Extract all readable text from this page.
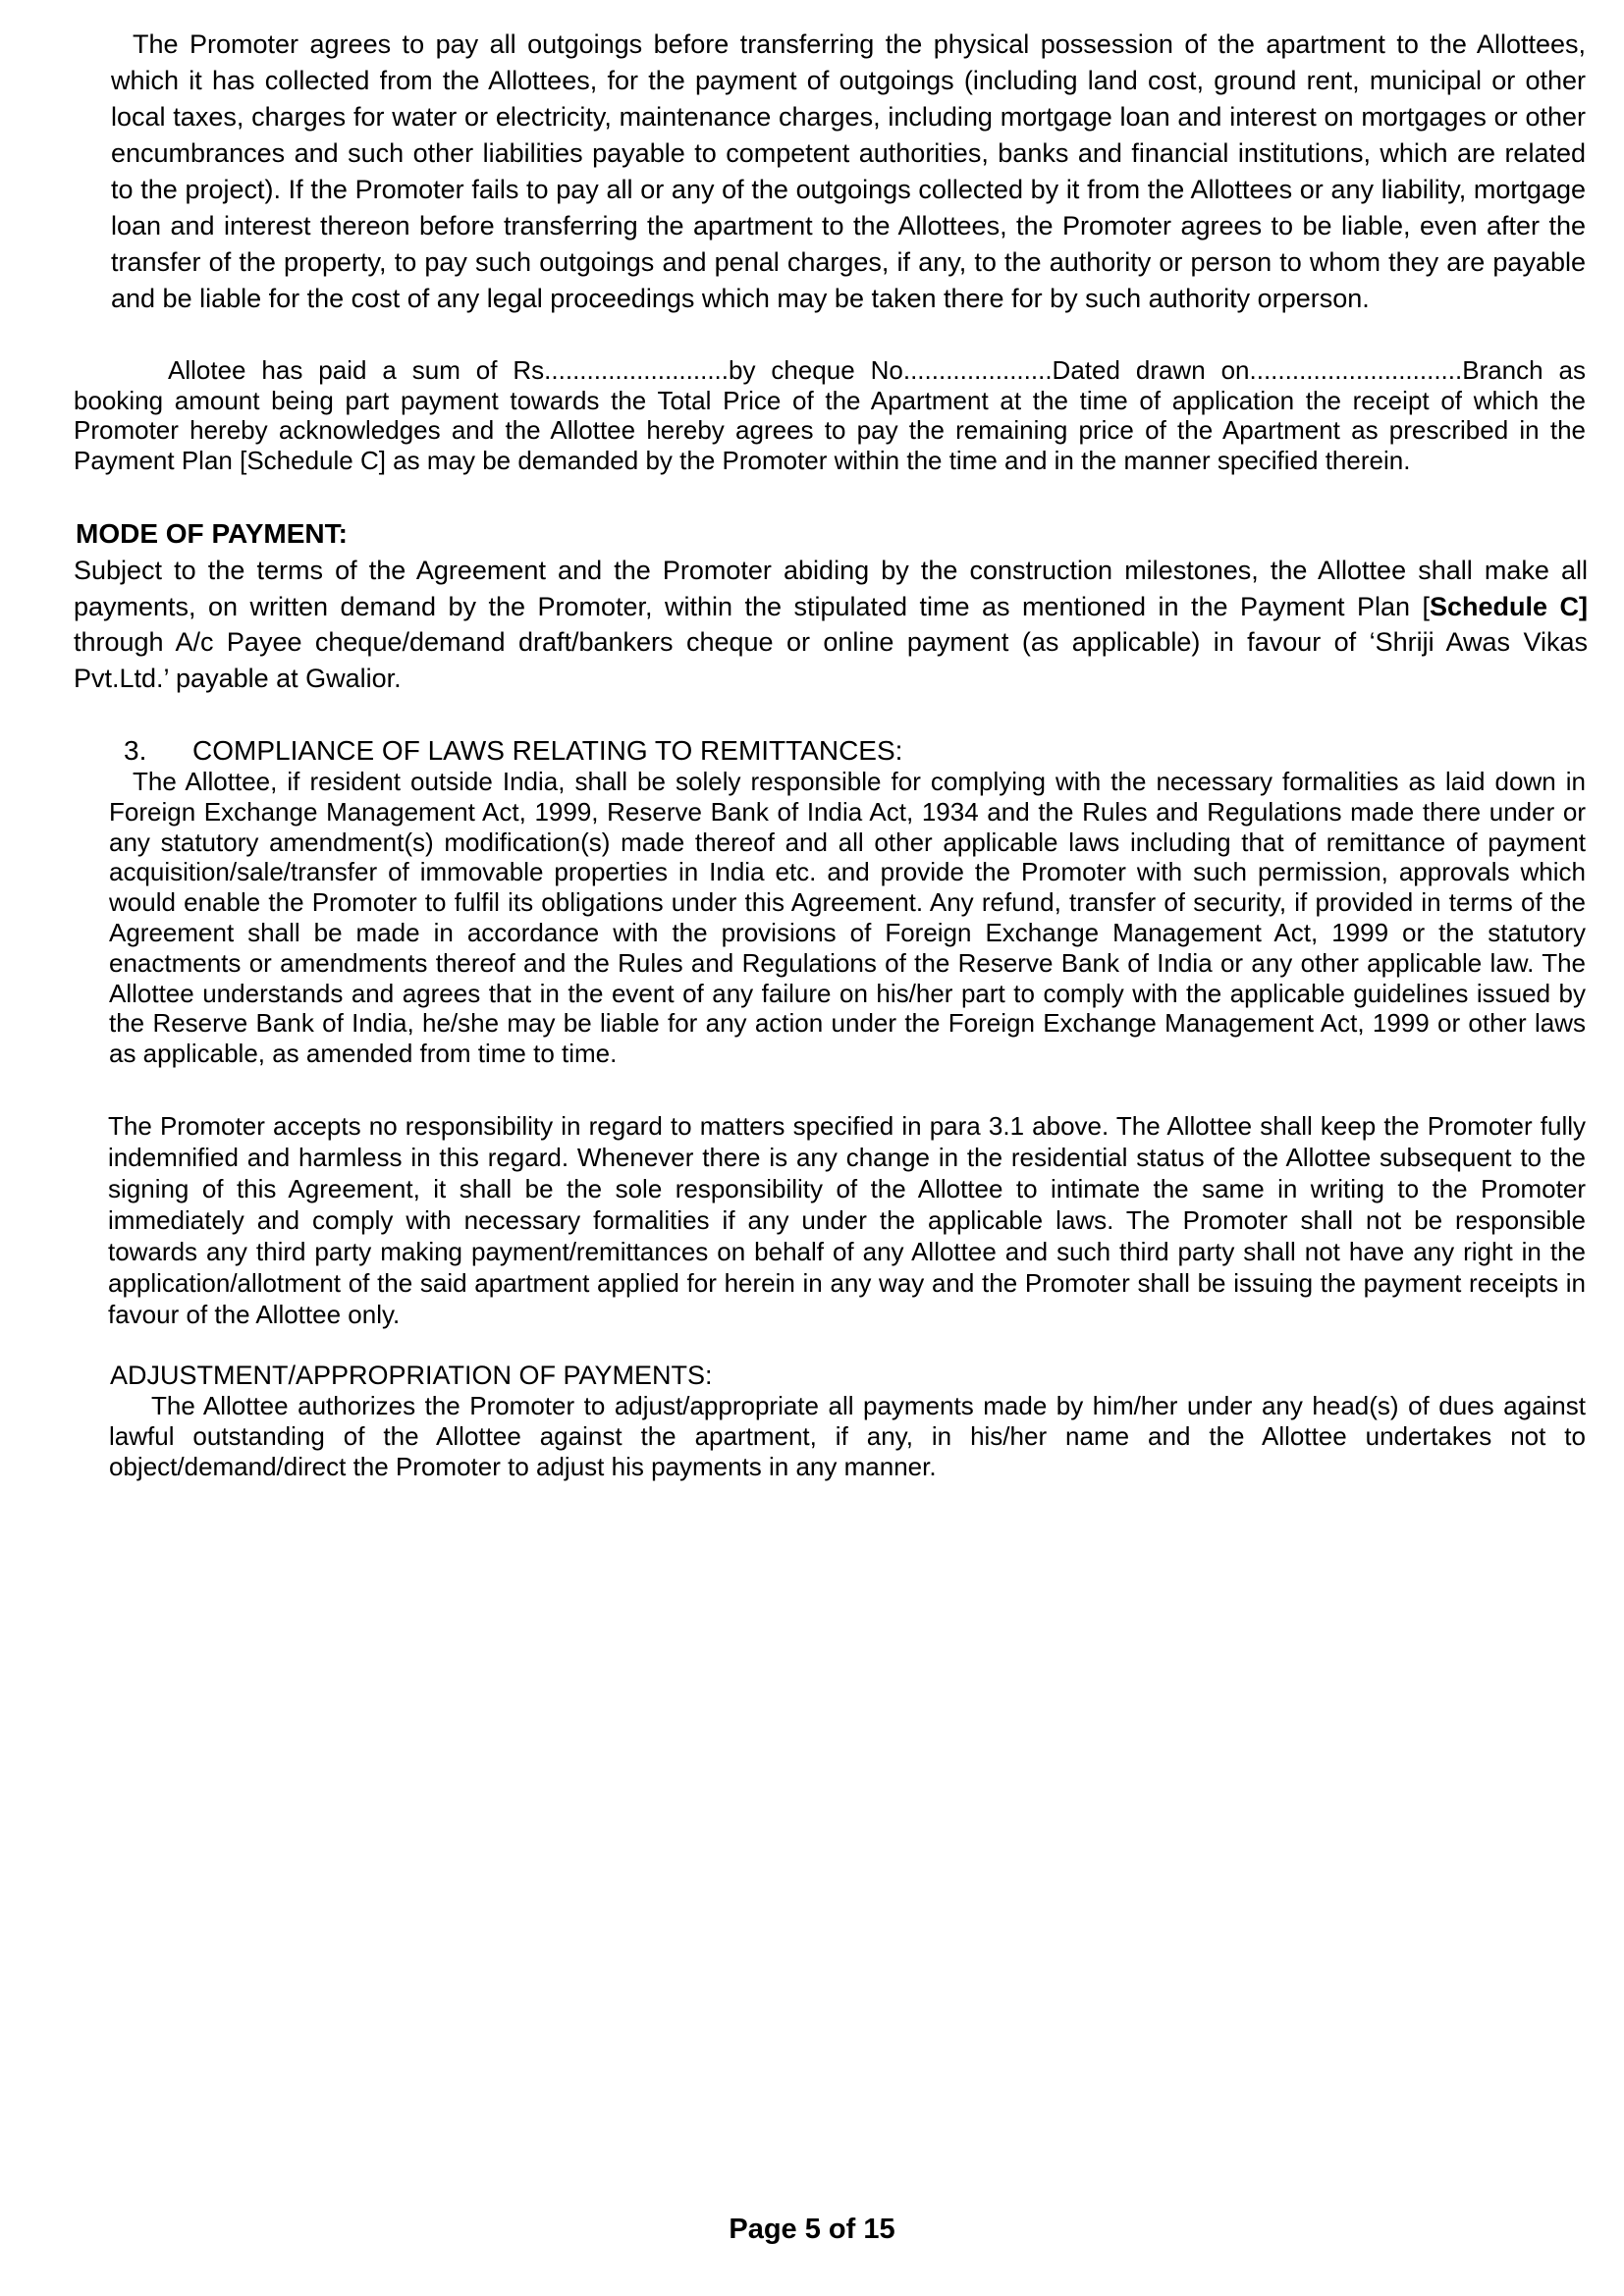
The Promoter agrees to pay all outgoings before transferring the physical possession of the apartment to the Allottees, which it has collected from the Allottees, for the payment of outgoings (including land cost, ground rent, municipal or other local taxes, charges for water or electricity, maintenance charges, including mortgage loan and interest on mortgages or other encumbrances and such other liabilities payable to competent authorities, banks and financial institutions, which are related to the project). If the Promoter fails to pay all or any of the outgoings collected by it from the Allottees or any liability, mortgage loan and interest thereon before transferring the apartment to the Allottees, the Promoter agrees to be liable, even after the transfer of the property, to pay such outgoings and penal charges, if any, to the authority or person to whom they are payable and be liable for the cost of any legal proceedings which may be taken there for by such authority orperson.

Allotee has paid a sum of Rs..........................by cheque No.....................Dated drawn on..............................Branch as booking amount being part payment towards the Total Price of the Apartment at the time of application the receipt of which the Promoter hereby acknowledges and the Allottee hereby agrees to pay the remaining price of the Apartment as prescribed in the Payment Plan [Schedule C] as may be demanded by the Promoter within the time and in the manner specified therein.

MODE OF PAYMENT:

Subject to the terms of the Agreement and the Promoter abiding by the construction milestones, the Allottee shall make all payments, on written demand by the Promoter, within the stipulated time as mentioned in the Payment Plan [Schedule C] through A/c Payee cheque/demand draft/bankers cheque or online payment (as applicable) in favour of ‘Shriji Awas Vikas Pvt.Ltd.’ payable at Gwalior.

3. COMPLIANCE OF LAWS RELATING TO REMITTANCES:

The Allottee, if resident outside India, shall be solely responsible for complying with the necessary formalities as laid down in Foreign Exchange Management Act, 1999, Reserve Bank of India Act, 1934 and the Rules and Regulations made there under or any statutory amendment(s) modification(s) made thereof and all other applicable laws including that of remittance of payment acquisition/sale/transfer of immovable properties in India etc. and provide the Promoter with such permission, approvals which would enable the Promoter to fulfil its obligations under this Agreement. Any refund, transfer of security, if provided in terms of the Agreement shall be made in accordance with the provisions of Foreign Exchange Management Act, 1999 or the statutory enactments or amendments thereof and the Rules and Regulations of the Reserve Bank of India or any other applicable law. The Allottee understands and agrees that in the event of any failure on his/her part to comply with the applicable guidelines issued by the Reserve Bank of India, he/she may be liable for any action under the Foreign Exchange Management Act, 1999 or other laws as applicable, as amended from time to time.

The Promoter accepts no responsibility in regard to matters specified in para 3.1 above. The Allottee shall keep the Promoter fully indemnified and harmless in this regard. Whenever there is any change in the residential status of the Allottee subsequent to the signing of this Agreement, it shall be the sole responsibility of the Allottee to intimate the same in writing to the Promoter immediately and comply with necessary formalities if any under the applicable laws. The Promoter shall not be responsible towards any third party making payment/remittances on behalf of any Allottee and such third party shall not have any right in the application/allotment of the said apartment applied for herein in any way and the Promoter shall be issuing the payment receipts in favour of the Allottee only.

ADJUSTMENT/APPROPRIATION OF PAYMENTS:

The Allottee authorizes the Promoter to adjust/appropriate all payments made by him/her under any head(s) of dues against lawful outstanding of the Allottee against the apartment, if any, in his/her name and the Allottee undertakes not to object/demand/direct the Promoter to adjust his payments in any manner.

Page 5 of 15
